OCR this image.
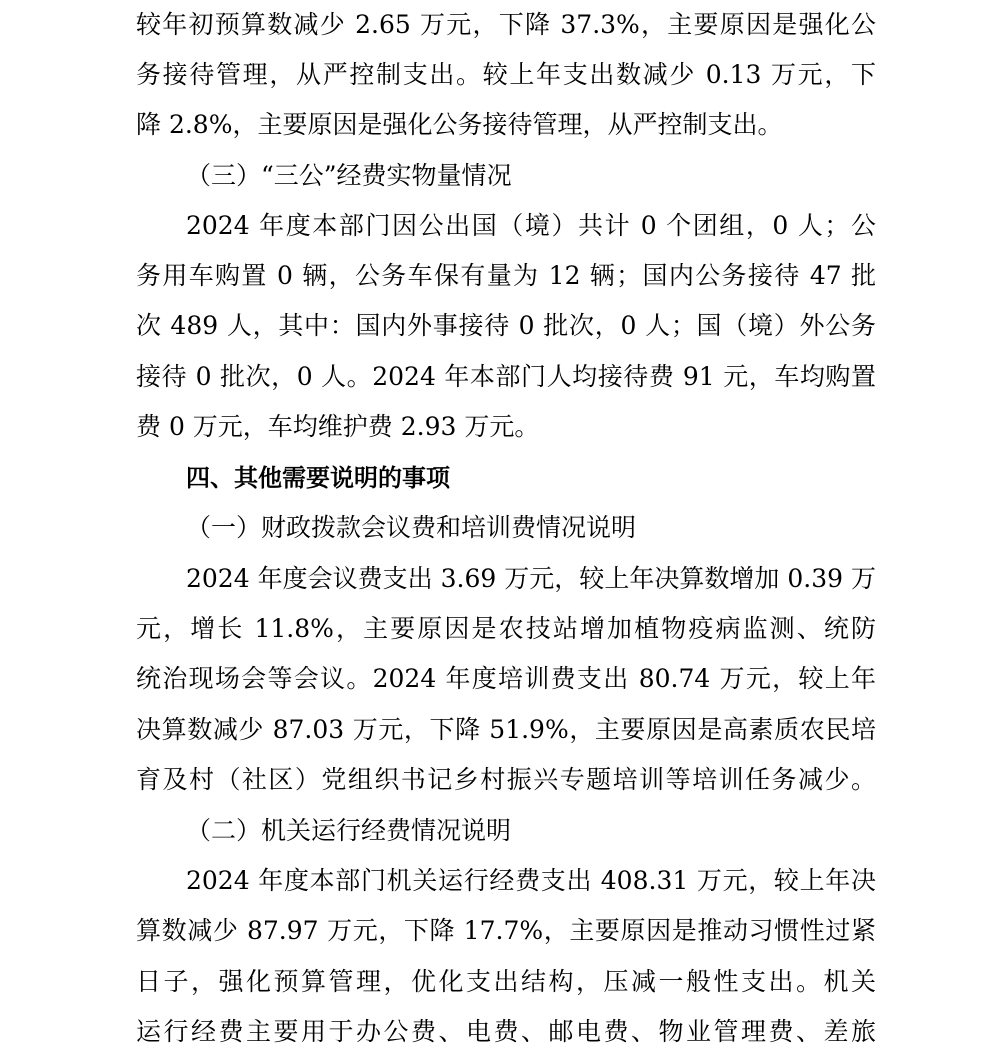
较年初预算数减少 2.65 万元，下降 37.3%，主要原因是强化公
务接待管理，从严控制支出。较上年支出数减少 0.13 万元，下
降 2.8%，主要原因是强化公务接待管理，从严控制支出。
（三）“三公”经费实物量情况
2024 年度本部门因公出国（境）共计 0 个团组，0 人；公
务用车购置 0 辆，公务车保有量为 12 辆；国内公务接待 47 批
次 489 人，其中：国内外事接待 0 批次，0 人；国（境）外公务
接待 0 批次，0 人。2024 年本部门人均接待费 91 元，车均购置
费 0 万元，车均维护费 2.93 万元。
四、其他需要说明的事项
（一）财政拨款会议费和培训费情况说明
2024 年度会议费支出 3.69 万元，较上年决算数增加 0.39 万
元，增长 11.8%，主要原因是农技站增加植物疫病监测、统防
统治现场会等会议。2024 年度培训费支出 80.74 万元，较上年
决算数减少 87.03 万元，下降 51.9%，主要原因是高素质农民培
育及村（社区）党组织书记乡村振兴专题培训等培训任务减少。
（二）机关运行经费情况说明
2024 年度本部门机关运行经费支出 408.31 万元，较上年决
算数减少 87.97 万元，下降 17.7%，主要原因是推动习惯性过紧
日子，强化预算管理，优化支出结构，压减一般性支出。机关
运行经费主要用于办公费、电费、邮电费、物业管理费、差旅
